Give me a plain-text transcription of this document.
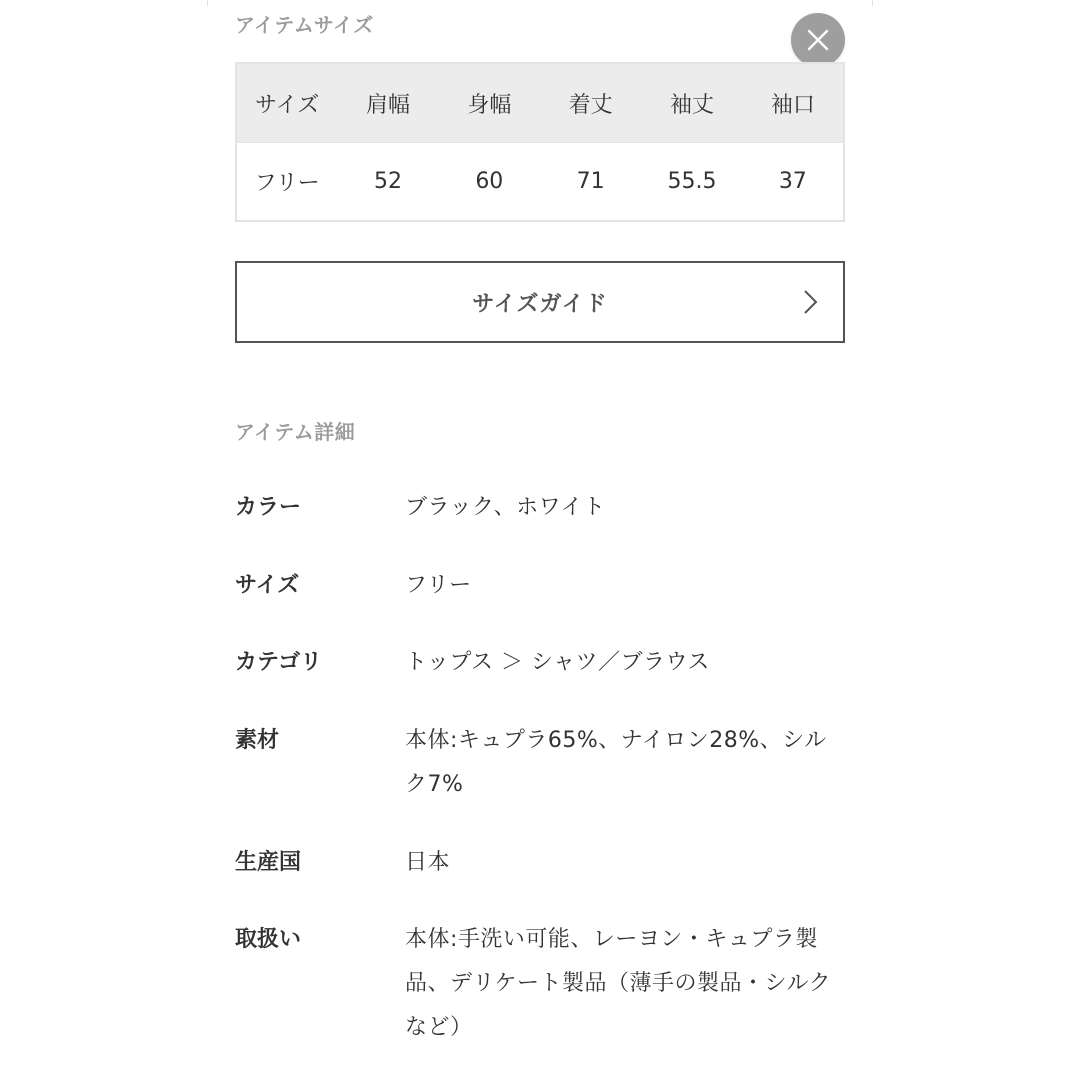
アイテムサイズ
サイズ	肩幅	身幅	着丈	袖丈	袖口
フリー	52	60	71	55.5	37
サイズガイド
アイテム詳細
カラー	ブラック、ホワイト
サイズ	フリー
カテゴリ	トップス ＞ シャツ／ブラウス
素材	本体:キュプラ65%、ナイロン28%、シルク7%
生産国	日本
取扱い	本体:手洗い可能、レーヨン・キュプラ製品、デリケート製品（薄手の製品・シルクなど）
